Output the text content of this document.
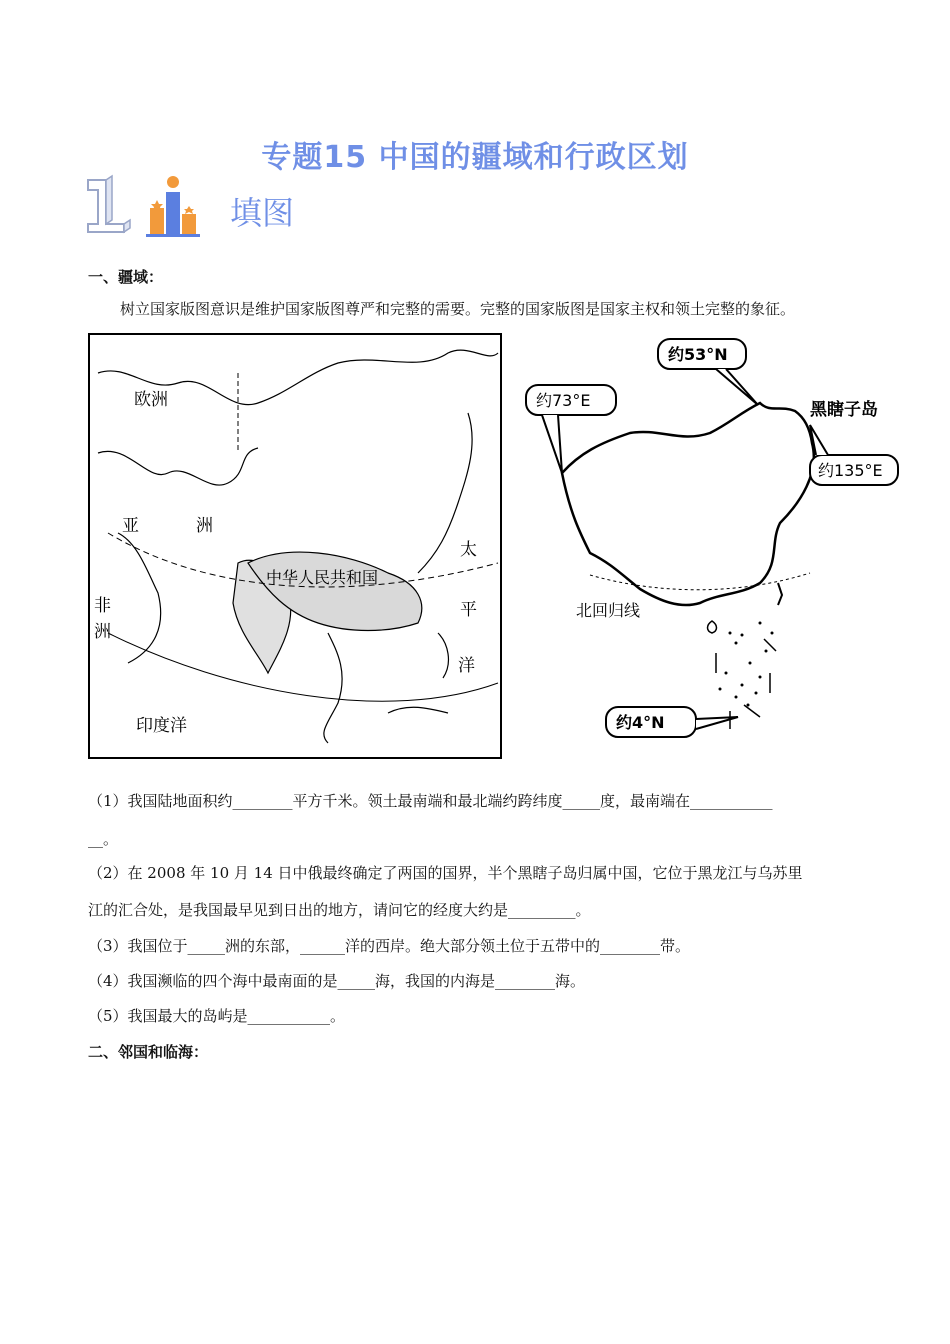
专题15 中国的疆域和行政区划
填图
一、疆域：
树立国家版图意识是维护国家版图尊严和完整的需要。完整的国家版图是国家主权和领土完整的象征。
欧洲
亚	洲
中华人民共和国
太
平
洋
非
洲
印度洋
约53°N
约73°E	黑瞎子岛
约135°E
北回归线
约4°N
（1）我国陆地面积约________平方千米。领土最南端和最北端约跨纬度_____度，最南端在___________
__。
（2）在 2008 年 10 月 14 日中俄最终确定了两国的国界，半个黑瞎子岛归属中国，它位于黑龙江与乌苏里
江的汇合处，是我国最早见到日出的地方，请问它的经度大约是_________。
（3）我国位于_____洲的东部，______洋的西岸。绝大部分领土位于五带中的________带。
（4）我国濒临的四个海中最南面的是_____海，我国的内海是________海。
（5）我国最大的岛屿是___________。
二、邻国和临海：
